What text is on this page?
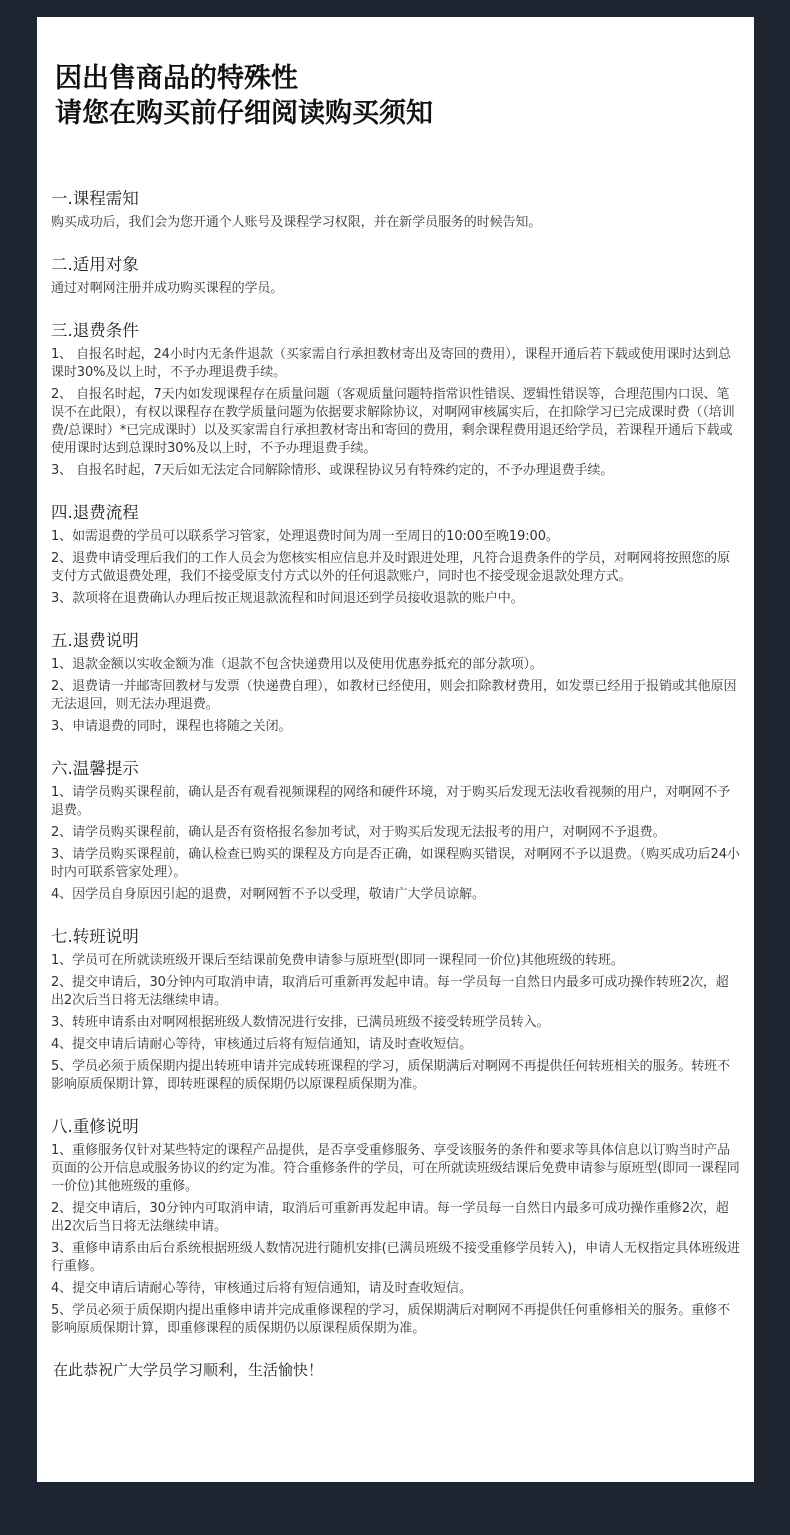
因出售商品的特殊性
请您在购买前仔细阅读购买须知
一.课程需知
购买成功后，我们会为您开通个人账号及课程学习权限，并在新学员服务的时候告知。
二.适用对象
通过对啊网注册并成功购买课程的学员。
三.退费条件
1、 自报名时起，24小时内无条件退款（买家需自行承担教材寄出及寄回的费用），课程开通后若下载或使用课时达到总课时30%及以上时，不予办理退费手续。
2、 自报名时起，7天内如发现课程存在质量问题（客观质量问题特指常识性错误、逻辑性错误等，合理范围内口误、笔误不在此限），有权以课程存在教学质量问题为依据要求解除协议，对啊网审核属实后，在扣除学习已完成课时费（（培训费/总课时）*已完成课时）以及买家需自行承担教材寄出和寄回的费用，剩余课程费用退还给学员，若课程开通后下载或使用课时达到总课时30%及以上时，不予办理退费手续。
3、 自报名时起，7天后如无法定合同解除情形、或课程协议另有特殊约定的，不予办理退费手续。
四.退费流程
1、如需退费的学员可以联系学习管家，处理退费时间为周一至周日的10:00至晚19:00。
2、退费申请受理后我们的工作人员会为您核实相应信息并及时跟进处理，凡符合退费条件的学员，对啊网将按照您的原支付方式做退费处理，我们不接受原支付方式以外的任何退款账户，同时也不接受现金退款处理方式。
3、款项将在退费确认办理后按正规退款流程和时间退还到学员接收退款的账户中。
五.退费说明
1、退款金额以实收金额为准（退款不包含快递费用以及使用优惠券抵充的部分款项）。
2、退费请一并邮寄回教材与发票（快递费自理），如教材已经使用，则会扣除教材费用，如发票已经用于报销或其他原因无法退回，则无法办理退费。
3、申请退费的同时，课程也将随之关闭。
六.温馨提示
1、请学员购买课程前，确认是否有观看视频课程的网络和硬件环境，对于购买后发现无法收看视频的用户，对啊网不予退费。
2、请学员购买课程前，确认是否有资格报名参加考试，对于购买后发现无法报考的用户，对啊网不予退费。
3、请学员购买课程前，确认检查已购买的课程及方向是否正确，如课程购买错误，对啊网不予以退费。（购买成功后24小时内可联系管家处理）。
4、因学员自身原因引起的退费，对啊网暂不予以受理，敬请广大学员谅解。
七.转班说明
1、学员可在所就读班级开课后至结课前免费申请参与原班型(即同一课程同一价位)其他班级的转班。
2、提交申请后，30分钟内可取消申请，取消后可重新再发起申请。每一学员每一自然日内最多可成功操作转班2次，超出2次后当日将无法继续申请。
3、转班申请系由对啊网根据班级人数情况进行安排，已满员班级不接受转班学员转入。
4、提交申请后请耐心等待，审核通过后将有短信通知，请及时查收短信。
5、学员必须于质保期内提出转班申请并完成转班课程的学习，质保期满后对啊网不再提供任何转班相关的服务。转班不影响原质保期计算，即转班课程的质保期仍以原课程质保期为准。
八.重修说明
1、重修服务仅针对某些特定的课程产品提供，是否享受重修服务、享受该服务的条件和要求等具体信息以订购当时产品页面的公开信息或服务协议的约定为准。符合重修条件的学员，可在所就读班级结课后免费申请参与原班型(即同一课程同一价位)其他班级的重修。
2、提交申请后，30分钟内可取消申请，取消后可重新再发起申请。每一学员每一自然日内最多可成功操作重修2次，超出2次后当日将无法继续申请。
3、重修申请系由后台系统根据班级人数情况进行随机安排(已满员班级不接受重修学员转入)，申请人无权指定具体班级进行重修。
4、提交申请后请耐心等待，审核通过后将有短信通知，请及时查收短信。
5、学员必须于质保期内提出重修申请并完成重修课程的学习，质保期满后对啊网不再提供任何重修相关的服务。重修不影响原质保期计算，即重修课程的质保期仍以原课程质保期为准。
在此恭祝广大学员学习顺利，生活愉快！
